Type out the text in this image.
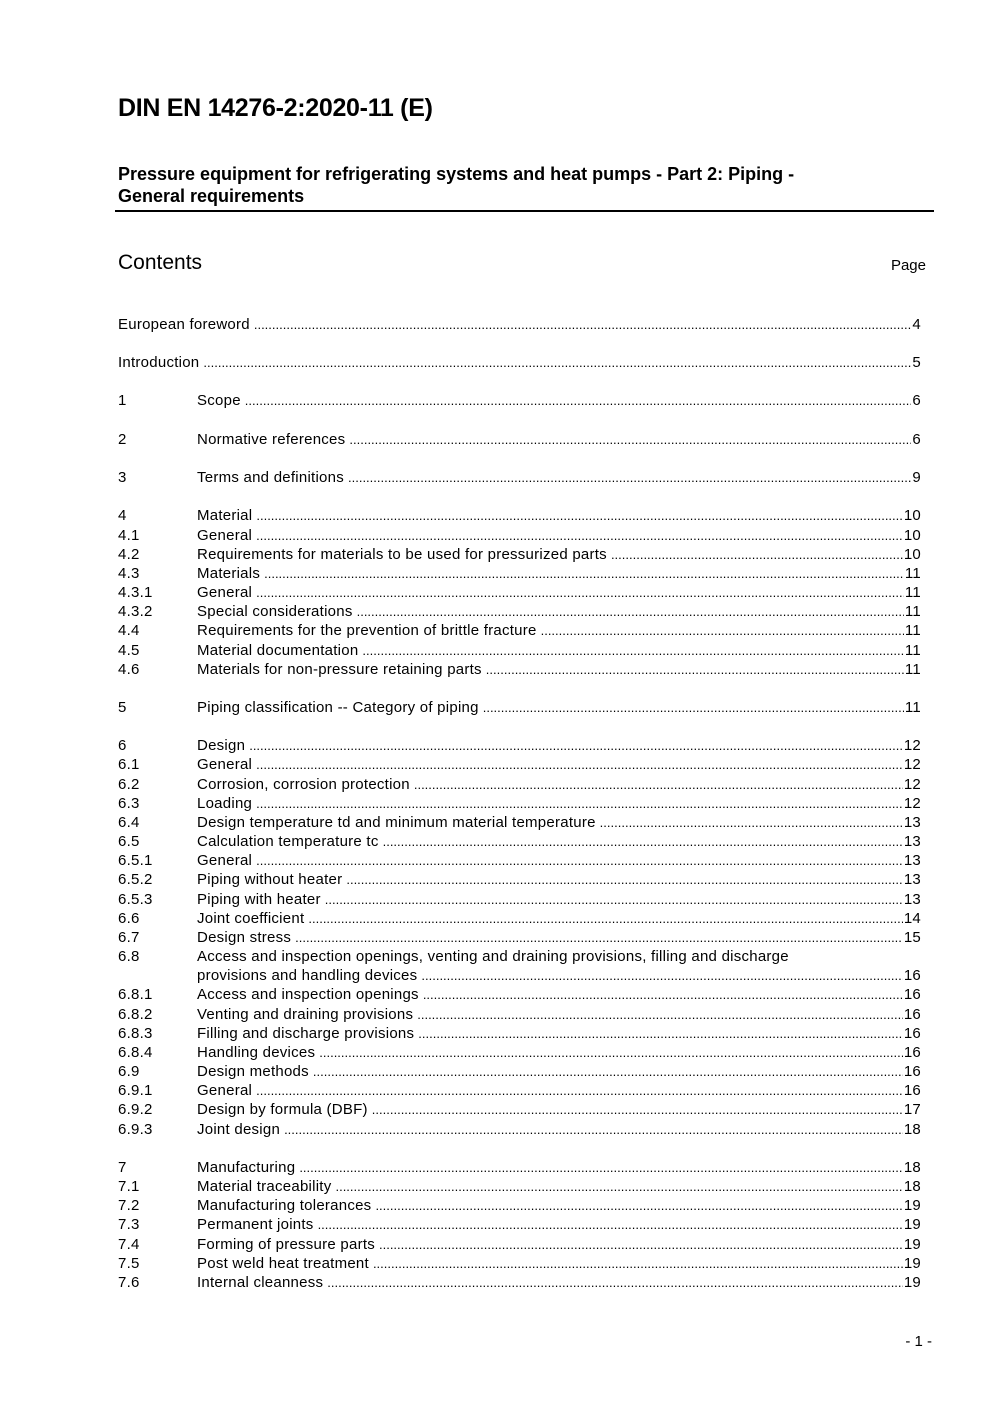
DIN EN 14276-2:2020-11 (E)
Pressure equipment for refrigerating systems and heat pumps - Part 2: Piping -
General requirements
Contents	Page
European foreword .....	4
Introduction .....	5
1	Scope .....	6
2	Normative references .....	6
3	Terms and definitions .....	9
4	Material .....	10
4.1	General .....	10
4.2	Requirements for materials to be used for pressurized parts .....	10
4.3	Materials .....	11
4.3.1	General .....	11
4.3.2	Special considerations .....	11
4.4	Requirements for the prevention of brittle fracture .....	11
4.5	Material documentation .....	11
4.6	Materials for non-pressure retaining parts .....	11
5	Piping classification -- Category of piping .....	11
6	Design .....	12
6.1	General .....	12
6.2	Corrosion, corrosion protection .....	12
6.3	Loading .....	12
6.4	Design temperature td and minimum material temperature .....	13
6.5	Calculation temperature tc .....	13
6.5.1	General .....	13
6.5.2	Piping without heater .....	13
6.5.3	Piping with heater .....	13
6.6	Joint coefficient .....	14
6.7	Design stress .....	15
6.8	Access and inspection openings, venting and draining provisions, filling and discharge
provisions and handling devices .....	16
6.8.1	Access and inspection openings .....	16
6.8.2	Venting and draining provisions .....	16
6.8.3	Filling and discharge provisions .....	16
6.8.4	Handling devices .....	16
6.9	Design methods .....	16
6.9.1	General .....	16
6.9.2	Design by formula (DBF) .....	17
6.9.3	Joint design .....	18
7	Manufacturing .....	18
7.1	Material traceability .....	18
7.2	Manufacturing tolerances .....	19
7.3	Permanent joints .....	19
7.4	Forming of pressure parts .....	19
7.5	Post weld heat treatment .....	19
7.6	Internal cleanness .....	19
- 1 -
